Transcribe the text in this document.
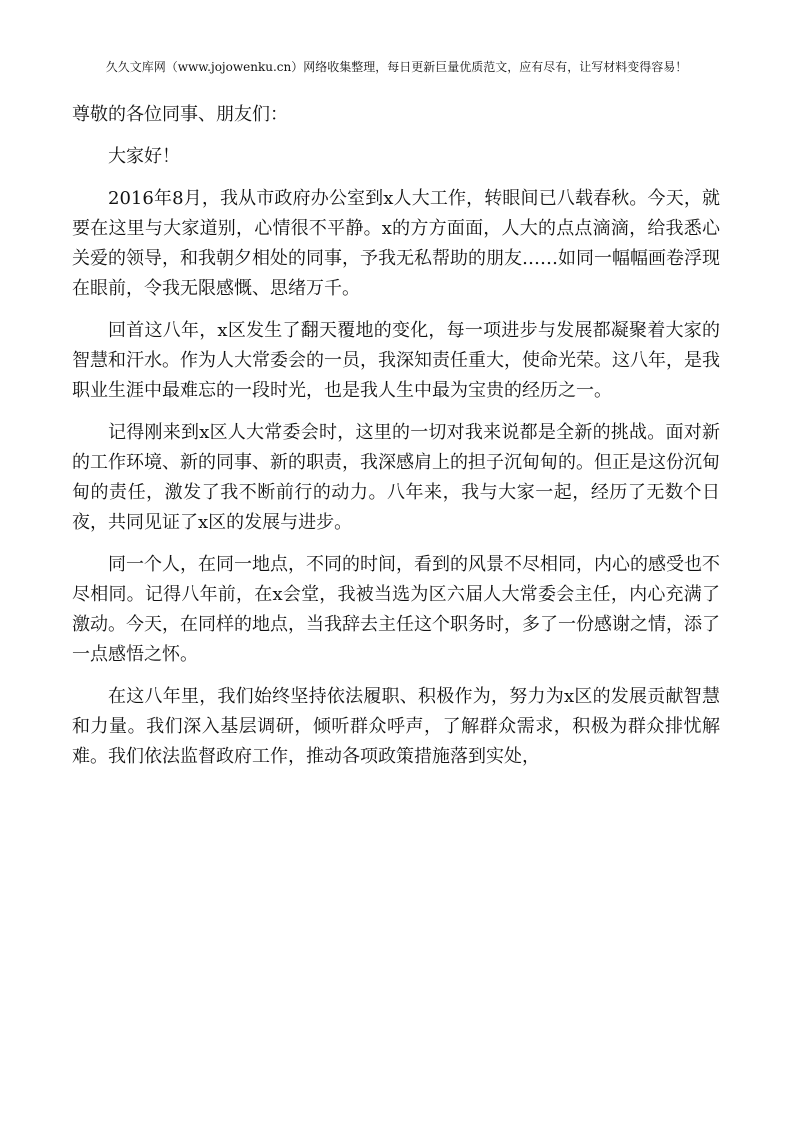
久久文库网（www.jojowenku.cn）网络收集整理，每日更新巨量优质范文，应有尽有，让写材料变得容易！

尊敬的各位同事、朋友们：

大家好！

2016年8月，我从市政府办公室到x人大工作，转眼间已八载春秋。今天，就要在这里与大家道别，心情很不平静。x的方方面面，人大的点点滴滴，给我悉心关爱的领导，和我朝夕相处的同事，予我无私帮助的朋友……如同一幅幅画卷浮现在眼前，令我无限感慨、思绪万千。

回首这八年，x区发生了翻天覆地的变化，每一项进步与发展都凝聚着大家的智慧和汗水。作为人大常委会的一员，我深知责任重大，使命光荣。这八年，是我职业生涯中最难忘的一段时光，也是我人生中最为宝贵的经历之一。

记得刚来到x区人大常委会时，这里的一切对我来说都是全新的挑战。面对新的工作环境、新的同事、新的职责，我深感肩上的担子沉甸甸的。但正是这份沉甸甸的责任，激发了我不断前行的动力。八年来，我与大家一起，经历了无数个日夜，共同见证了x区的发展与进步。

同一个人，在同一地点，不同的时间，看到的风景不尽相同，内心的感受也不尽相同。记得八年前，在x会堂，我被当选为区六届人大常委会主任，内心充满了激动。今天，在同样的地点，当我辞去主任这个职务时，多了一份感谢之情，添了一点感悟之怀。

在这八年里，我们始终坚持依法履职、积极作为，努力为x区的发展贡献智慧和力量。我们深入基层调研，倾听群众呼声，了解群众需求，积极为群众排忧解难。我们依法监督政府工作，推动各项政策措施落到实处，
